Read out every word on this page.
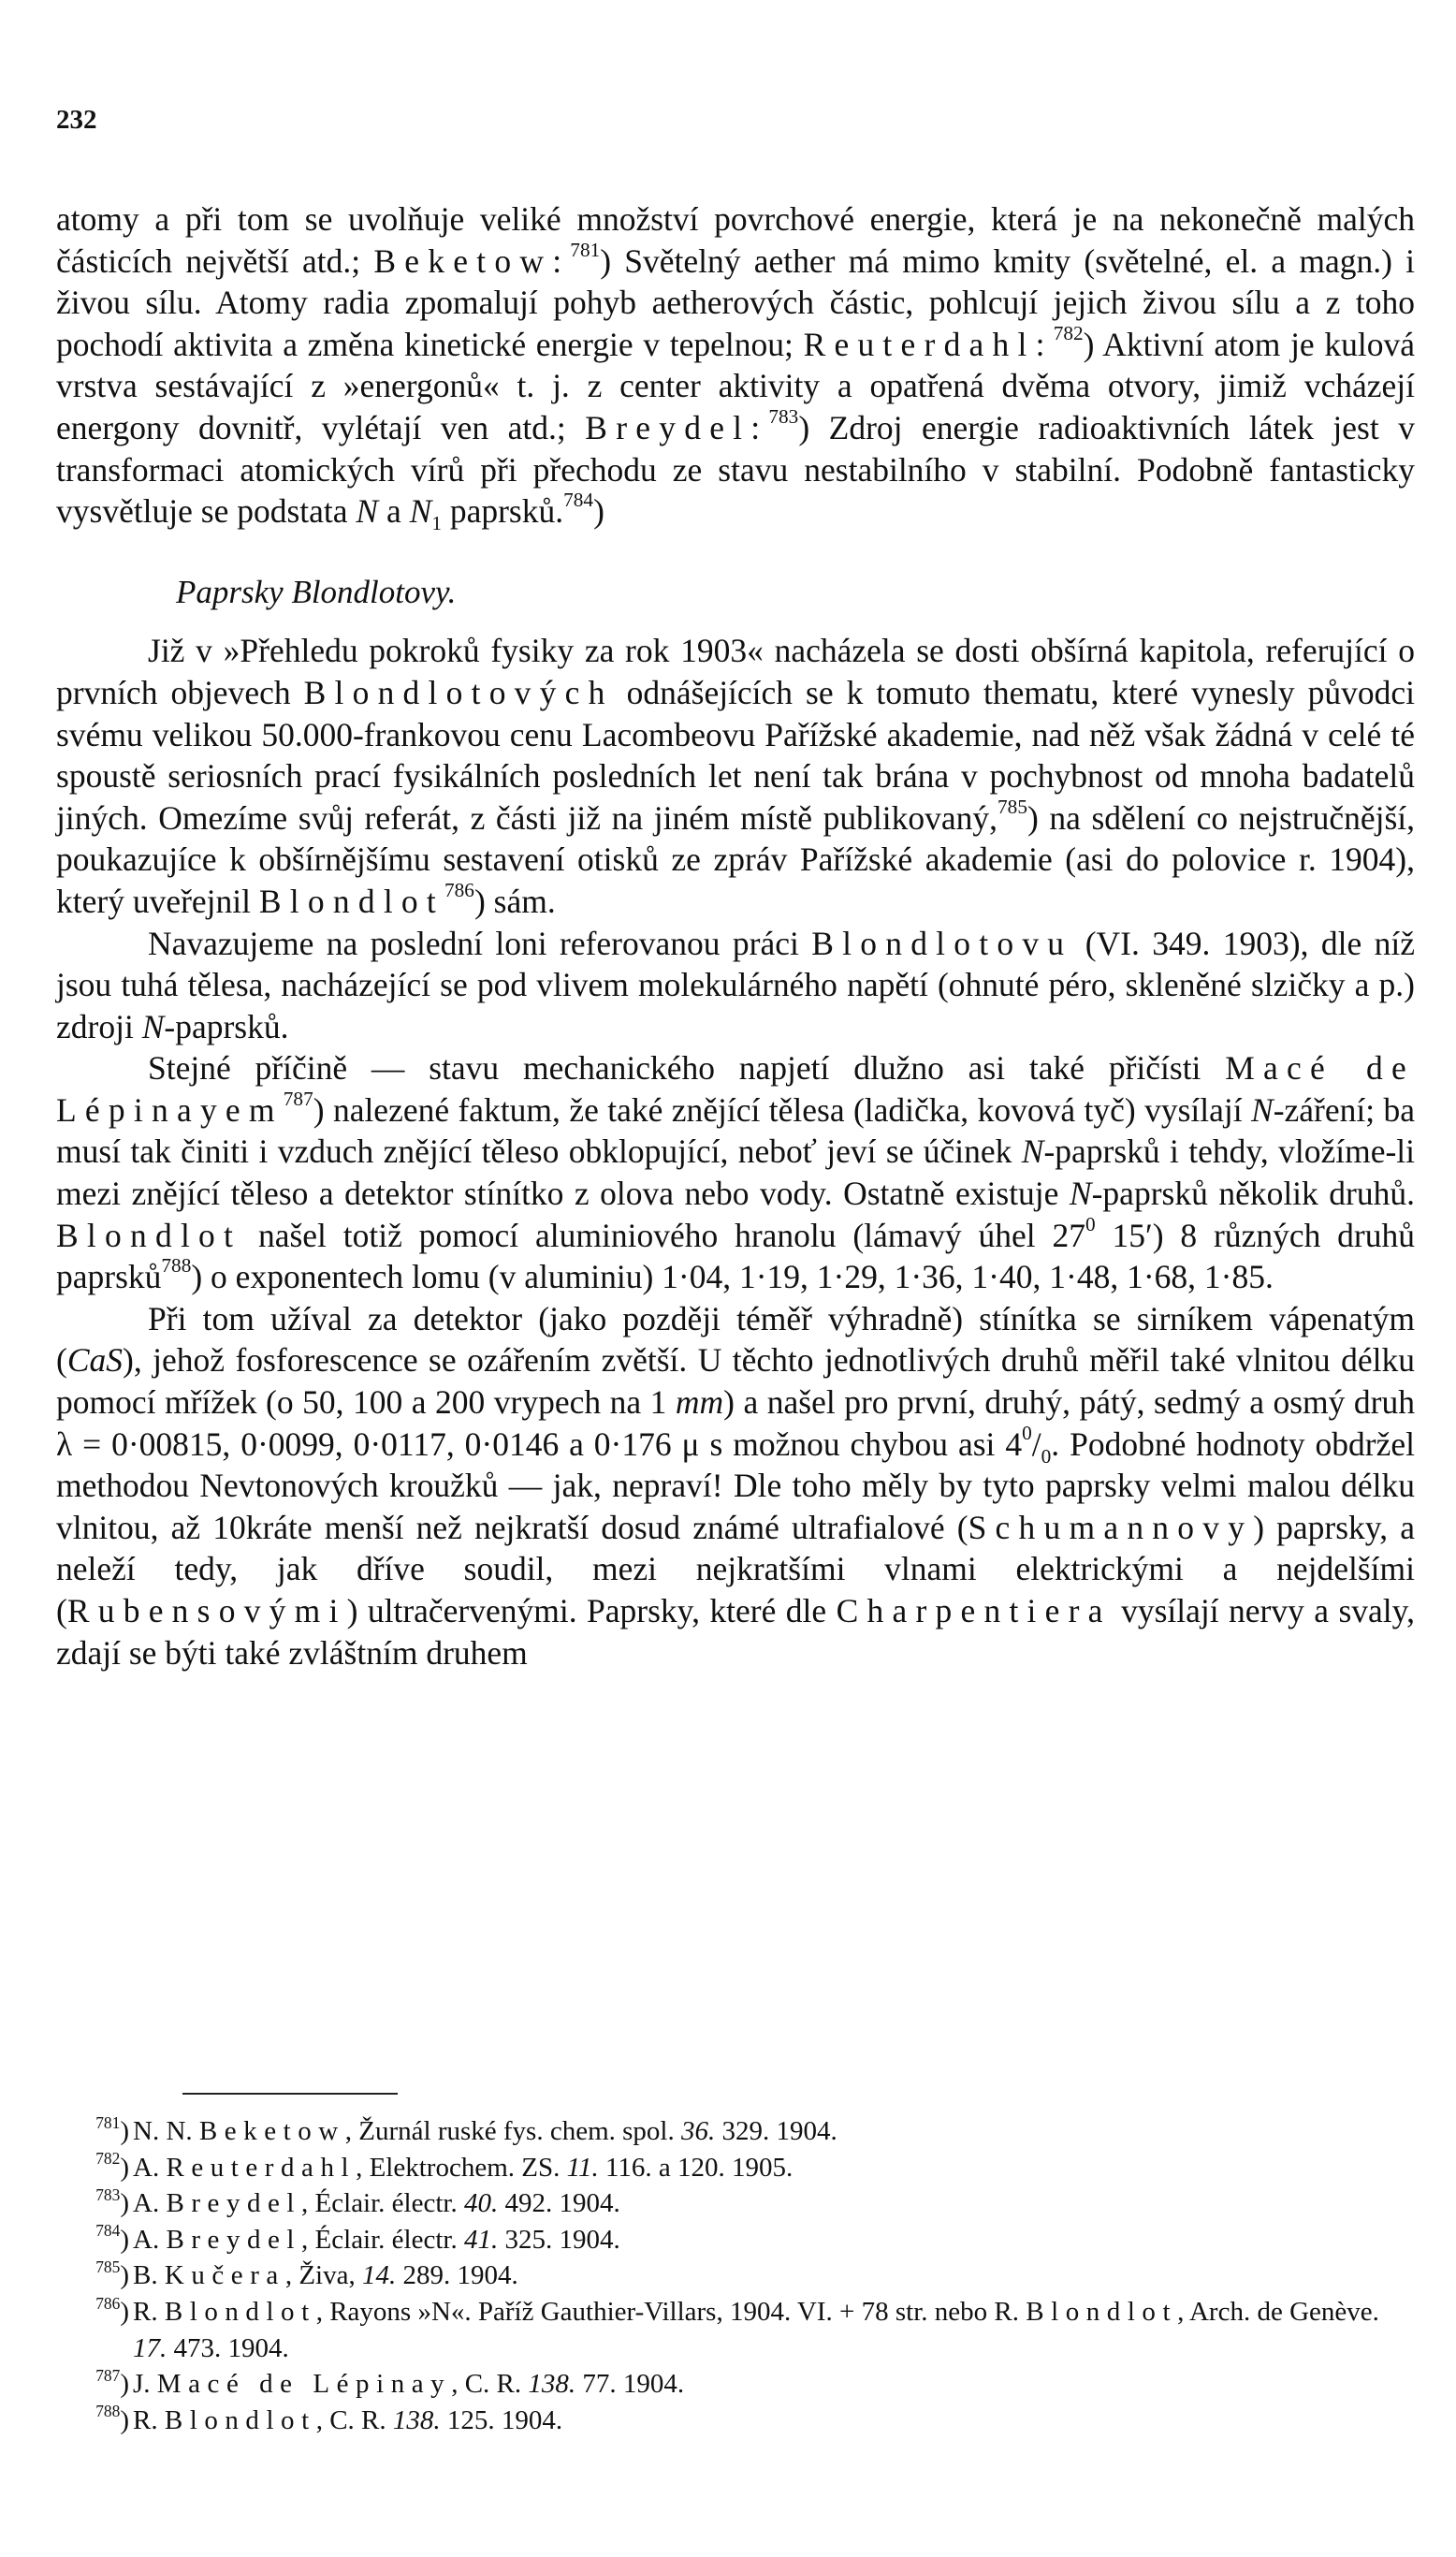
232

atomy a při tom se uvolňuje veliké množství povrchové energie, která je na nekonečně malých částicích největší atd.; Beketow:$^{781}$) Světelný aether má mimo kmity (světelné, el. a magn.) i živou sílu. Atomy radia zpomalují pohyb aetherových částic, pohlcují jejich živou sílu a z toho pochodí aktivita a změna kinetické energie v tepelnou; Reuterdahl:$^{782}$) Aktivní atom je kulová vrstva sestávající z »energonů« t. j. z center aktivity a opatřená dvěma otvory, jimiž vcházejí energony dovnitř, vylétají ven atd.; Breydel:$^{783}$) Zdroj energie radioaktivních látek jest v transformaci atomických vírů při přechodu ze stavu nestabilního v stabilní. Podobně fantasticky vysvětluje se podstata N a $N_1$ paprsků.$^{784}$)

Paprsky Blondlotovy.

Již v »Přehledu pokroků fysiky za rok 1903« nacházela se dosti obšírná kapitola, referující o prvních objevech Blondlotových odnášejících se k tomuto thematu, které vynesly původci svému velikou 50.000-frankovou cenu Lacombeovu Pařížské akademie, nad něž však žádná v celé té spoustě seriosních prací fysikálních posledních let není tak brána v pochybnost od mnoha badatelů jiných. Omezíme svůj referát, z části již na jiném místě publikovaný,$^{785}$) na sdělení co nejstručnější, poukazujíce k obšírnějšímu sestavení otisků ze zpráv Pařížské akademie (asi do polovice r. 1904), který uveřejnil Blondlot$^{786}$) sám.

Navazujeme na poslední loni referovanou práci Blondlotovu (VI. 349. 1903), dle níž jsou tuhá tělesa, nacházející se pod vlivem molekulárného napětí (ohnuté péro, skleněné slzičky a p.) zdroji N-paprsků.

Stejné příčině — stavu mechanického napjetí dlužno asi také přičísti Macé de Lépinayem$^{787}$) nalezené faktum, že také znějící tělesa (ladička, kovová tyč) vysílají N-záření; ba musí tak činiti i vzduch znějící těleso obklopující, neboť jeví se účinek N-paprsků i tehdy, vložíme-li mezi znějící těleso a detektor stínítko z olova nebo vody. Ostatně existuje N-paprsků několik druhů. Blondlot našel totiž pomocí aluminiového hranolu (lámavý úhel $27^0$ 15′) 8 různých druhů paprsků$^{788}$) o exponentech lomu (v aluminiu) 1·04, 1·19, 1·29, 1·36, 1·40, 1·48, 1·68, 1·85.

Při tom užíval za detektor (jako později téměř výhradně) stínítka se sirníkem vápenatým (CaS), jehož fosforescence se ozářením zvětší. U těchto jednotlivých druhů měřil také vlnitou délku pomocí mřížek (o 50, 100 a 200 vrypech na 1 mm) a našel pro první, druhý, pátý, sedmý a osmý druh λ = 0·00815, 0·0099, 0·0117, 0·0146 a 0·176 μ s možnou chybou asi $4^0/_0$. Podobné hodnoty obdržel methodou Nevtonových kroužků — jak, nepraví! Dle toho měly by tyto paprsky velmi malou délku vlnitou, až 10kráte menší než nejkratší dosud známé ultrafialové (Schumannovy) paprsky, a neleží tedy, jak dříve soudil, mezi nejkratšími vlnami elektrickými a nejdelšími (Rubensovými) ultračervenými. Paprsky, které dle Charpentiera vysílají nervy a svaly, zdají se býti také zvláštním druhem

$^{781}$) N. N. Beketow, Žurnál ruské fys. chem. spol. 36. 329. 1904.

$^{782}$) A. Reuterdahl, Elektrochem. ZS. 11. 116. a 120. 1905.

$^{783}$) A. Breydel, Éclair. électr. 40. 492. 1904.

$^{784}$) A. Breydel, Éclair. électr. 41. 325. 1904.

$^{785}$) B. Kučera, Živa, 14. 289. 1904.

$^{786}$) R. Blondlot, Rayons »N«. Paříž Gauthier-Villars, 1904. VI. + 78 str. nebo R. Blondlot, Arch. de Genève. 17. 473. 1904.

$^{787}$) J. Macé de Lépinay, C. R. 138. 77. 1904.

$^{788}$) R. Blondlot, C. R. 138. 125. 1904.
